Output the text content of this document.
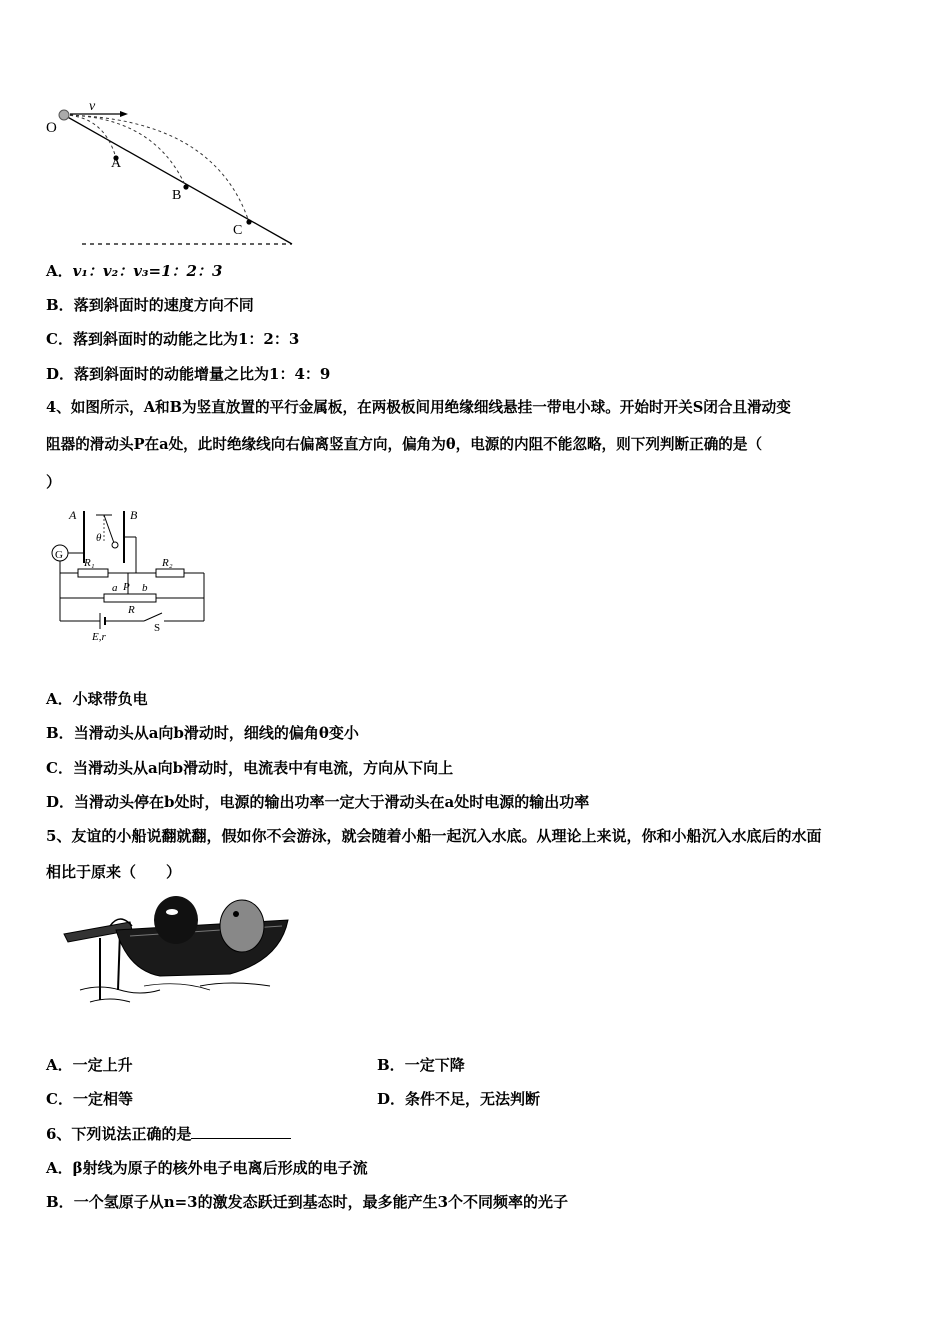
O
v
A
B
C
A．v₁：v₂：v₃=1：2：3
B．落到斜面时的速度方向不同
C．落到斜面时的动能之比为1：2：3
D．落到斜面时的动能增量之比为1：4：9
4、如图所示，A和B为竖直放置的平行金属板，在两极板间用绝缘细线悬挂一带电小球。开始时开关S闭合且滑动变
阻器的滑动头P在a处，此时绝缘线向右偏离竖直方向，偏角为θ，电源的内阻不能忽略，则下列判断正确的是（
）
A	B
θ
G
R₁	R₂
a P b
R
E,r
S
A．小球带负电
B．当滑动头从a向b滑动时，细线的偏角θ变小
C．当滑动头从a向b滑动时，电流表中有电流，方向从下向上
D．当滑动头停在b处时，电源的输出功率一定大于滑动头在a处时电源的输出功率
5、友谊的小船说翻就翻，假如你不会游泳，就会随着小船一起沉入水底。从理论上来说，你和小船沉入水底后的水面
相比于原来（　　）
A．一定上升	B．一定下降
C．一定相等	D．条件不足，无法判断
6、下列说法正确的是
A．β射线为原子的核外电子电离后形成的电子流
B．一个氢原子从n=3的激发态跃迁到基态时，最多能产生3个不同频率的光子
